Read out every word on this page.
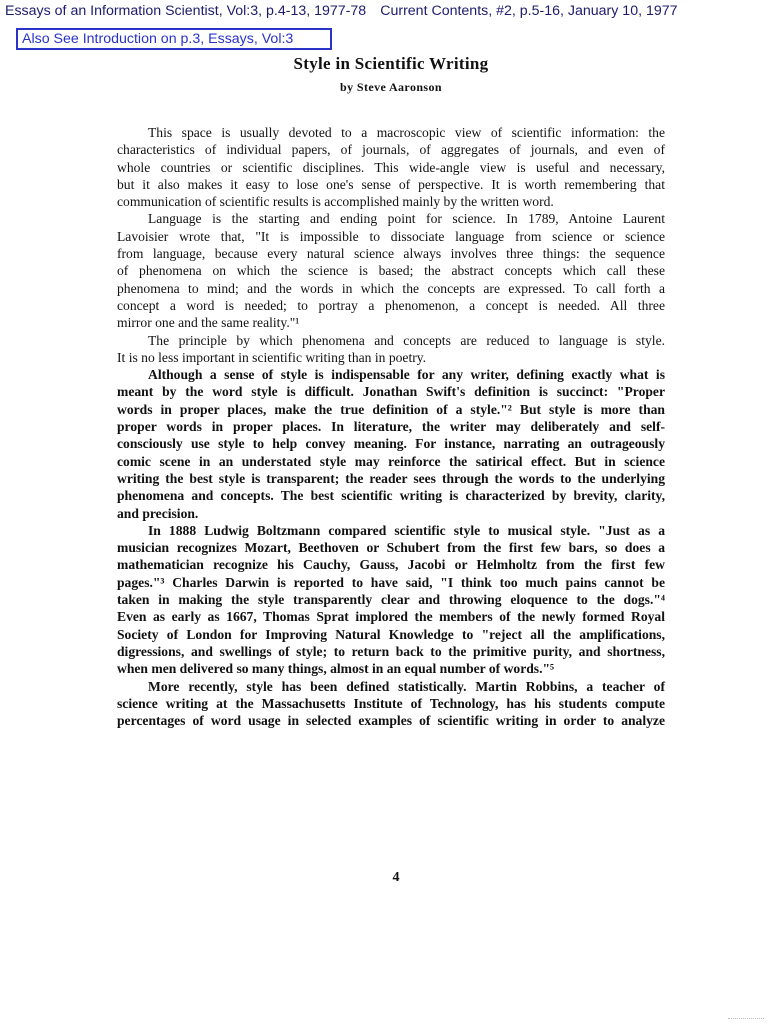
Essays of an Information Scientist, Vol:3, p.4-13, 1977-78 Current Contents, #2, p.5-16, January 10, 1977
Also See Introduction on p.3, Essays, Vol:3
Style in Scientific Writing
by Steve Aaronson
This space is usually devoted to a macroscopic view of scientific information: the
characteristics of individual papers, of journals, of aggregates of journals, and even of
whole countries or scientific disciplines. This wide-angle view is useful and necessary,
but it also makes it easy to lose one's sense of perspective. It is worth remembering that
communication of scientific results is accomplished mainly by the written word.
Language is the starting and ending point for science. In 1789, Antoine Laurent
Lavoisier wrote that, "It is impossible to dissociate language from science or science
from language, because every natural science always involves three things: the sequence
of phenomena on which the science is based; the abstract concepts which call these
phenomena to mind; and the words in which the concepts are expressed. To call forth a
concept a word is needed; to portray a phenomenon, a concept is needed. All three
mirror one and the same reality."¹
The principle by which phenomena and concepts are reduced to language is style.
It is no less important in scientific writing than in poetry.
Although a sense of style is indispensable for any writer, defining exactly what is
meant by the word style is difficult. Jonathan Swift's definition is succinct: "Proper
words in proper places, make the true definition of a style."² But style is more than
proper words in proper places. In literature, the writer may deliberately and self-
consciously use style to help convey meaning. For instance, narrating an outrageously
comic scene in an understated style may reinforce the satirical effect. But in science
writing the best style is transparent; the reader sees through the words to the underlying
phenomena and concepts. The best scientific writing is characterized by brevity, clarity,
and precision.
In 1888 Ludwig Boltzmann compared scientific style to musical style. "Just as a
musician recognizes Mozart, Beethoven or Schubert from the first few bars, so does a
mathematician recognize his Cauchy, Gauss, Jacobi or Helmholtz from the first few
pages."³ Charles Darwin is reported to have said, "I think too much pains cannot be
taken in making the style transparently clear and throwing eloquence to the dogs."⁴
Even as early as 1667, Thomas Sprat implored the members of the newly formed Royal
Society of London for Improving Natural Knowledge to "reject all the amplifications,
digressions, and swellings of style; to return back to the primitive purity, and shortness,
when men delivered so many things, almost in an equal number of words."⁵
More recently, style has been defined statistically. Martin Robbins, a teacher of
science writing at the Massachusetts Institute of Technology, has his students compute
percentages of word usage in selected examples of scientific writing in order to analyze
4
